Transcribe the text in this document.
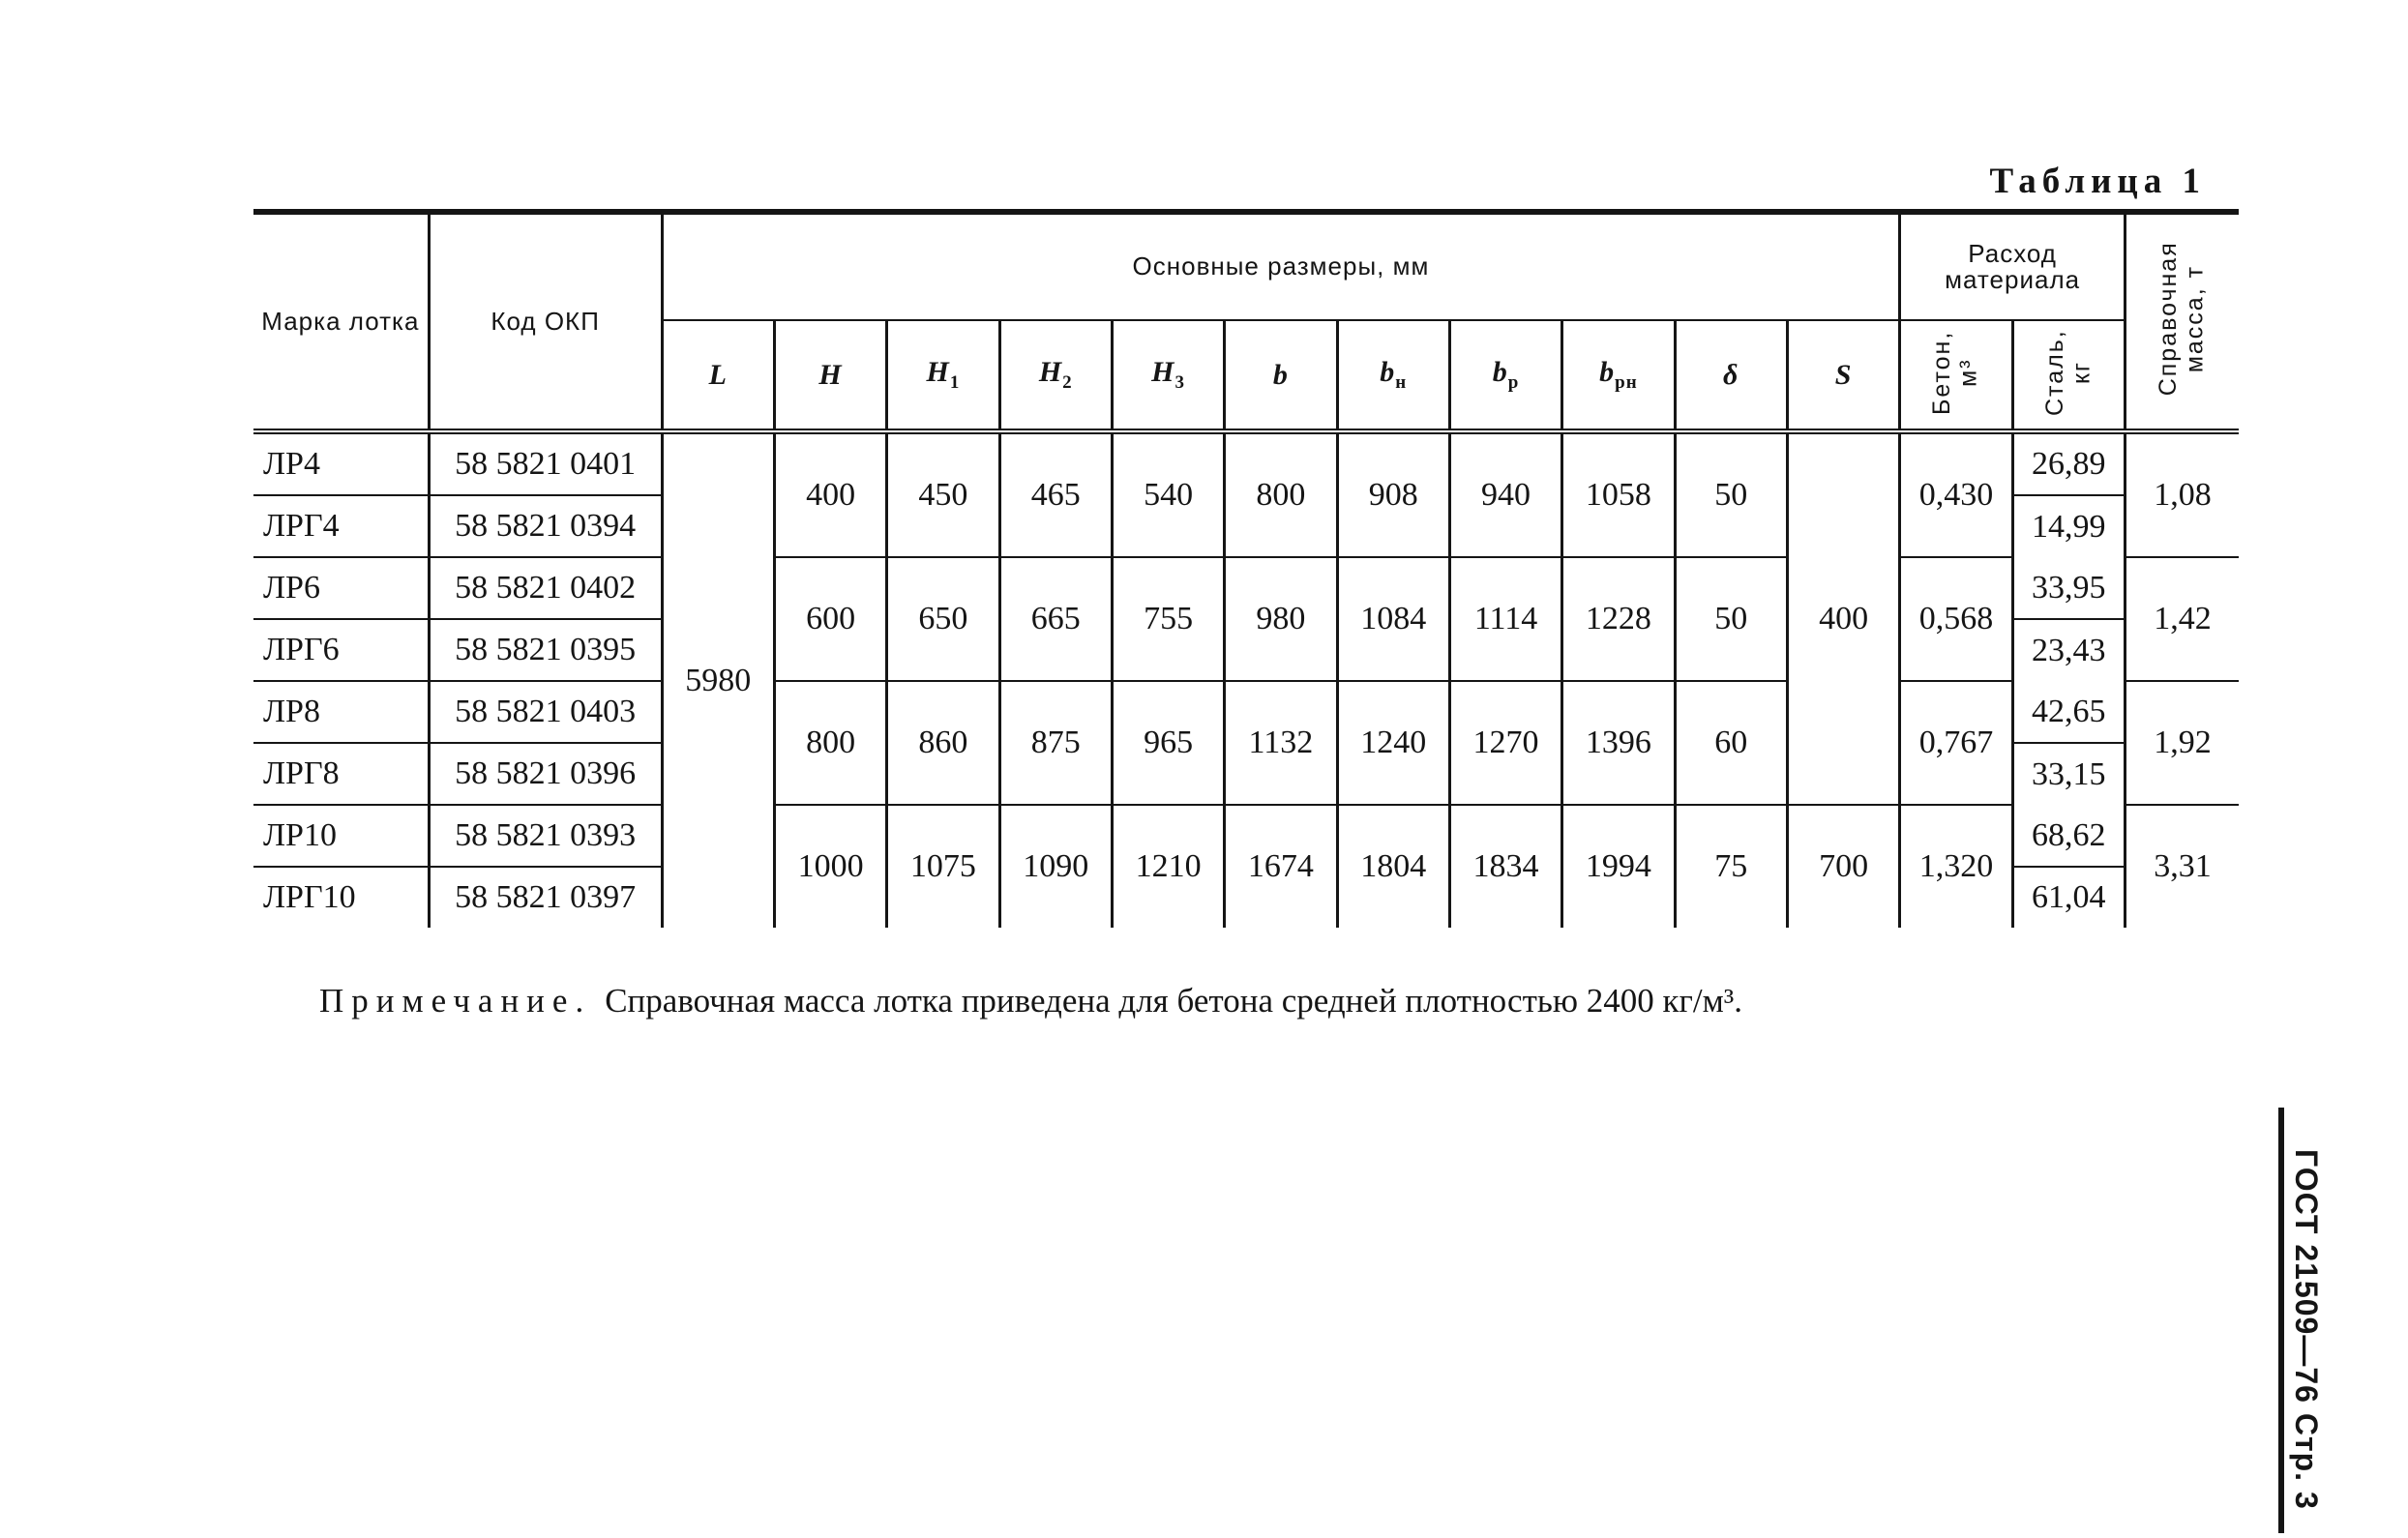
Таблица 1
Марка лотка	Код ОКП	Основные размеры, мм											Расход материала		Справочная масса, т
		L	H	$H_1$	$H_2$	$H_3$	b	$b_н$	$b_р$	$b_{рн}$	δ	S	Бетон, м³	Сталь, кг	
ЛР4	58 5821 0401	5980	400	450	465	540	800	908	940	1058	50	400	0,430	26,89	1,08
ЛРГ4	58 5821 0394													14,99	
ЛР6	58 5821 0402		600	650	665	755	980	1084	1114	1228	50		0,568	33,95	1,42
ЛРГ6	58 5821 0395													23,43	
ЛР8	58 5821 0403		800	860	875	965	1132	1240	1270	1396	60		0,767	42,65	1,92
ЛРГ8	58 5821 0396													33,15	
ЛР10	58 5821 0393		1000	1075	1090	1210	1674	1804	1834	1994	75	700	1,320	68,62	3,31
ЛРГ10	58 5821 0397													61,04	
Примечание. Справочная масса лотка приведена для бетона средней плотностью 2400 кг/м³.
ГОСТ 21509—76 Стр. 3
